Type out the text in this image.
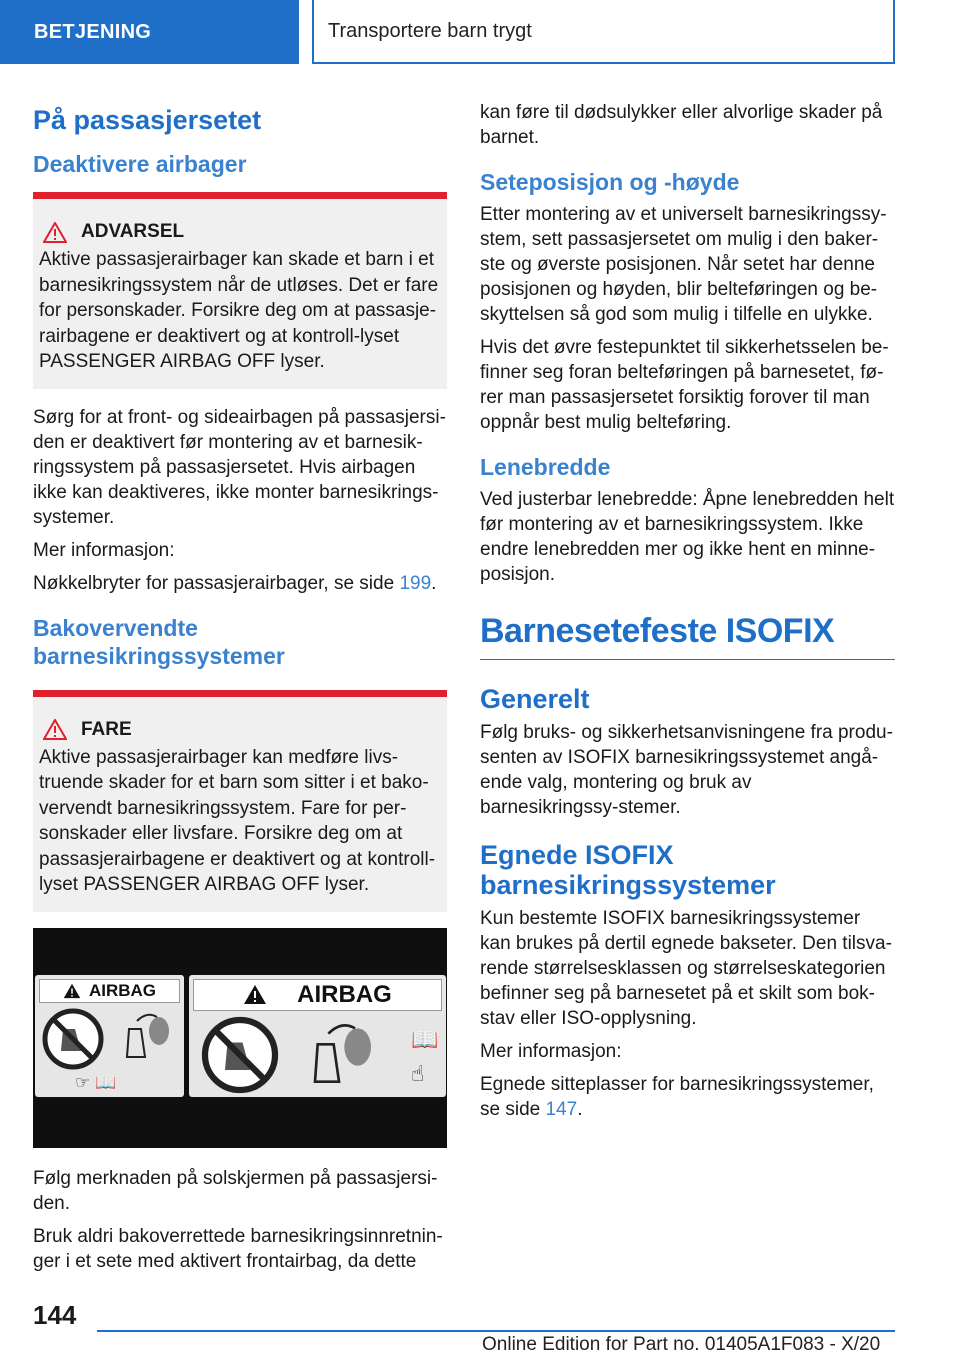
BETJENING	Transportere barn trygt
På passasjersetet
Deaktivere airbager
ADVARSEL

Aktive passasjerairbager kan skade et barn i et barnesikringssystem når de utløses. Det er fare for personskader. Forsikre deg om at passasje-rairbagene er deaktivert og at kontroll-lyset PASSENGER AIRBAG OFF lyser.

Sørg for at front- og sideairbagen på passasjersi-den er deaktivert før montering av et barnesik-ringssystem på passasjersetet. Hvis airbagen ikke kan deaktiveres, ikke monter barnesikrings-systemer.

Mer informasjon:

Nøkkelbryter for passasjerairbager, se side 199.

Bakovervendte barnesikringssystemer
FARE

Aktive passasjerairbager kan medføre livs-truende skader for et barn som sitter i et bako-vervendt barnesikringssystem. Fare for per-sonskader eller livsfare. Forsikre deg om at passasjerairbagene er deaktivert og at kontroll-lyset PASSENGER AIRBAG OFF lyser.

AIRBAG
☞ 📖
AIRBAG
📖
☝

Følg merknaden på solskjermen på passasjersi-den.

Bruk aldri bakoverrettede barnesikringsinnretnin-ger i et sete med aktivert frontairbag, da dette

kan føre til dødsulykker eller alvorlige skader på barnet.

Seteposisjon og -høyde

Etter montering av et universelt barnesikringssy-stem, sett passasjersetet om mulig i den baker-ste og øverste posisjonen. Når setet har denne posisjonen og høyden, blir belteføringen og be-skyttelsen så god som mulig i tilfelle en ulykke.

Hvis det øvre festepunktet til sikkerhetsselen be-finner seg foran belteføringen på barnesetet, fø-rer man passasjersetet forsiktig forover til man oppnår best mulig belteføring.

Lenebredde

Ved justerbar lenebredde: Åpne lenebredden helt før montering av et barnesikringssystem. Ikke endre lenebredden mer og ikke hent en minne-posisjon.

Barnesetefeste ISOFIX
Generelt

Følg bruks- og sikkerhetsanvisningene fra produ-senten av ISOFIX barnesikringssystemet angå-ende valg, montering og bruk av barnesikringssy-stemer.

Egnede ISOFIX barnesikringssystemer

Kun bestemte ISOFIX barnesikringssystemer kan brukes på dertil egnede bakseter. Den tilsva-rende størrelsesklassen og størrelseskategorien befinner seg på barnesetet på et skilt som bok-stav eller ISO-opplysning.

Mer informasjon:

Egnede sitteplasser for barnesikringssystemer, se side 147.

144
Online Edition for Part no. 01405A1F083 - X/20
